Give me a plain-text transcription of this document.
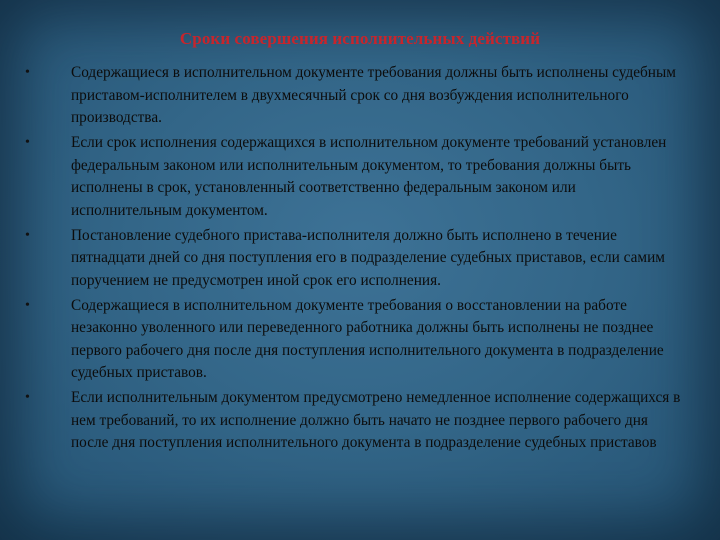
Сроки совершения исполнительных действий
•	Содержащиеся в исполнительном документе требования должны быть исполнены судебным приставом-исполнителем в двухмесячный срок со дня возбуждения исполнительного производства.
•	Если срок исполнения содержащихся в исполнительном документе требований установлен федеральным законом или исполнительным документом, то требования должны быть исполнены в срок, установленный соответственно федеральным законом или исполнительным документом.
•	Постановление судебного пристава-исполнителя должно быть исполнено в течение пятнадцати дней со дня поступления его в подразделение судебных приставов, если самим поручением не предусмотрен иной срок его исполнения.
•	Содержащиеся в исполнительном документе требования о восстановлении на работе незаконно уволенного или переведенного работника должны быть исполнены не позднее первого рабочего дня после дня поступления исполнительного документа в подразделение судебных приставов.
•	Если исполнительным документом предусмотрено немедленное исполнение содержащихся в нем требований, то их исполнение должно быть начато не позднее первого рабочего дня после дня поступления исполнительного документа в подразделение судебных приставов
